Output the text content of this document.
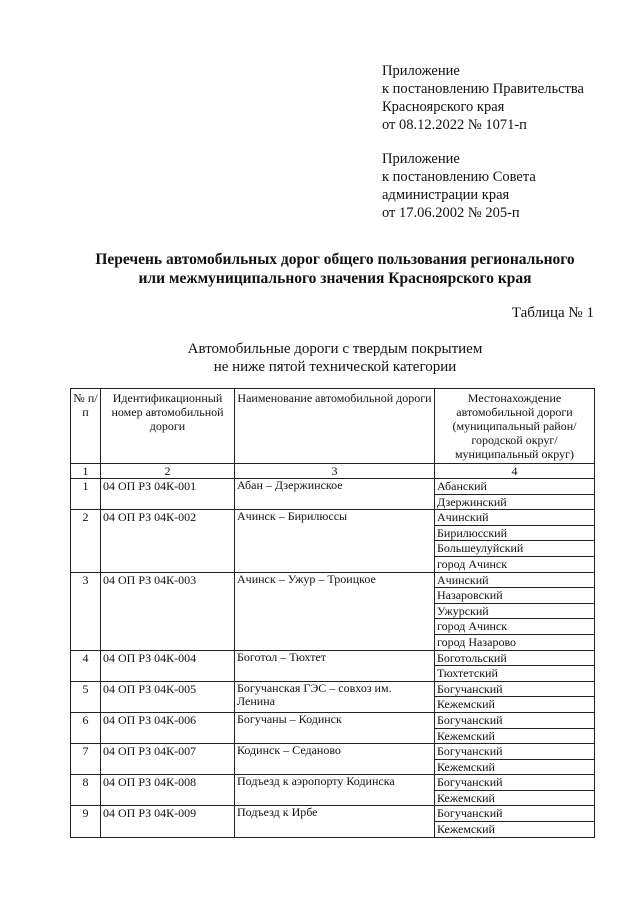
Приложение
к постановлению Правительства
Красноярского края
от 08.12.2022 № 1071-п
Приложение
к постановлению Совета
администрации края
от 17.06.2002 № 205-п
Перечень автомобильных дорог общего пользования регионального
или межмуниципального значения Красноярского края
Таблица № 1
Автомобильные дороги с твердым покрытием
не ниже пятой технической категории
№ п/п	Идентификационный номер автомобильной дороги	Наименование автомобильной дороги	Местонахождение автомобильной дороги (муниципальный район/ городской округ/ муниципальный округ)
1	2	3	4
1	04 ОП РЗ 04К-001	Абан – Дзержинское	Абанский
			Дзержинский
2	04 ОП РЗ 04К-002	Ачинск – Бирилюссы	Ачинский
			Бирилюсский
			Большеулуйский
			город Ачинск
3	04 ОП РЗ 04К-003	Ачинск – Ужур – Троицкое	Ачинский
			Назаровский
			Ужурский
			город Ачинск
			город Назарово
4	04 ОП РЗ 04К-004	Боготол – Тюхтет	Боготольский
			Тюхтетский
5	04 ОП РЗ 04К-005	Богучанская ГЭС – совхоз им. Ленина	Богучанский
			Кежемский
6	04 ОП РЗ 04К-006	Богучаны – Кодинск	Богучанский
			Кежемский
7	04 ОП РЗ 04К-007	Кодинск – Седаново	Богучанский
			Кежемский
8	04 ОП РЗ 04К-008	Подъезд к аэропорту Кодинска	Богучанский
			Кежемский
9	04 ОП РЗ 04К-009	Подъезд к Ирбе	Богучанский
			Кежемский
